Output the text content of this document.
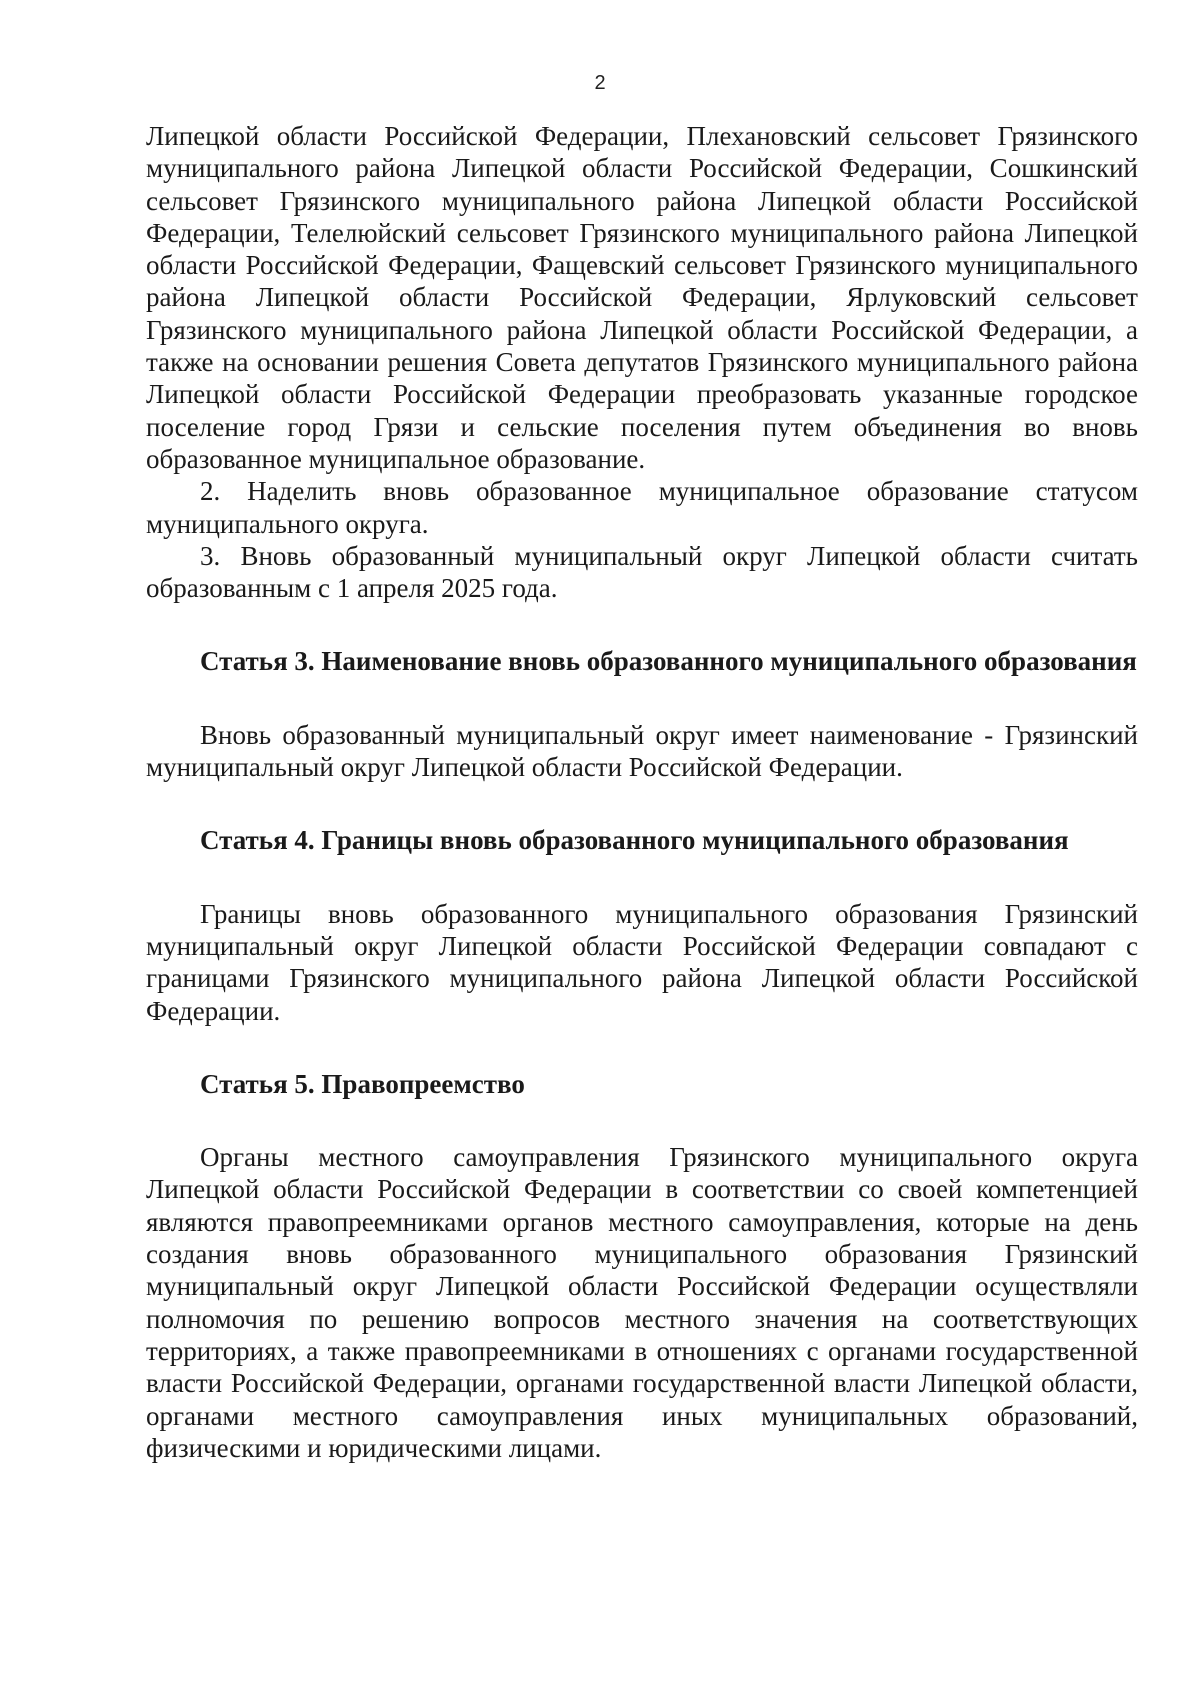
2

Липецкой области Российской Федерации, Плехановский сельсовет Грязинского муниципального района Липецкой области Российской Федерации, Сошкинский сельсовет Грязинского муниципального района Липецкой области Российской Федерации, Телелюйский сельсовет Грязинского муниципального района Липецкой области Российской Федерации, Фащевский сельсовет Грязинского муниципального района Липецкой области Российской Федерации, Ярлуковский сельсовет Грязинского муниципального района Липецкой области Российской Федерации, а также на основании решения Совета депутатов Грязинского муниципального района Липецкой области Российской Федерации преобразовать указанные городское поселение город Грязи и сельские поселения путем объединения во вновь образованное муниципальное образование.

2. Наделить вновь образованное муниципальное образование статусом муниципального округа.

3. Вновь образованный муниципальный округ Липецкой области считать образованным с 1 апреля 2025 года.

Статья 3. Наименование вновь образованного муниципального образования

Вновь образованный муниципальный округ имеет наименование - Грязинский муниципальный округ Липецкой области Российской Федерации.

Статья 4. Границы вновь образованного муниципального образования

Границы вновь образованного муниципального образования Грязинский муниципальный округ Липецкой области Российской Федерации совпадают с границами Грязинского муниципального района Липецкой области Российской Федерации.

Статья 5. Правопреемство

Органы местного самоуправления Грязинского муниципального округа Липецкой области Российской Федерации в соответствии со своей компетенцией являются правопреемниками органов местного самоуправления, которые на день создания вновь образованного муниципального образования Грязинский муниципальный округ Липецкой области Российской Федерации осуществляли полномочия по решению вопросов местного значения на соответствующих территориях, а также правопреемниками в отношениях с органами государственной власти Российской Федерации, органами государственной власти Липецкой области, органами местного самоуправления иных муниципальных образований, физическими и юридическими лицами.
